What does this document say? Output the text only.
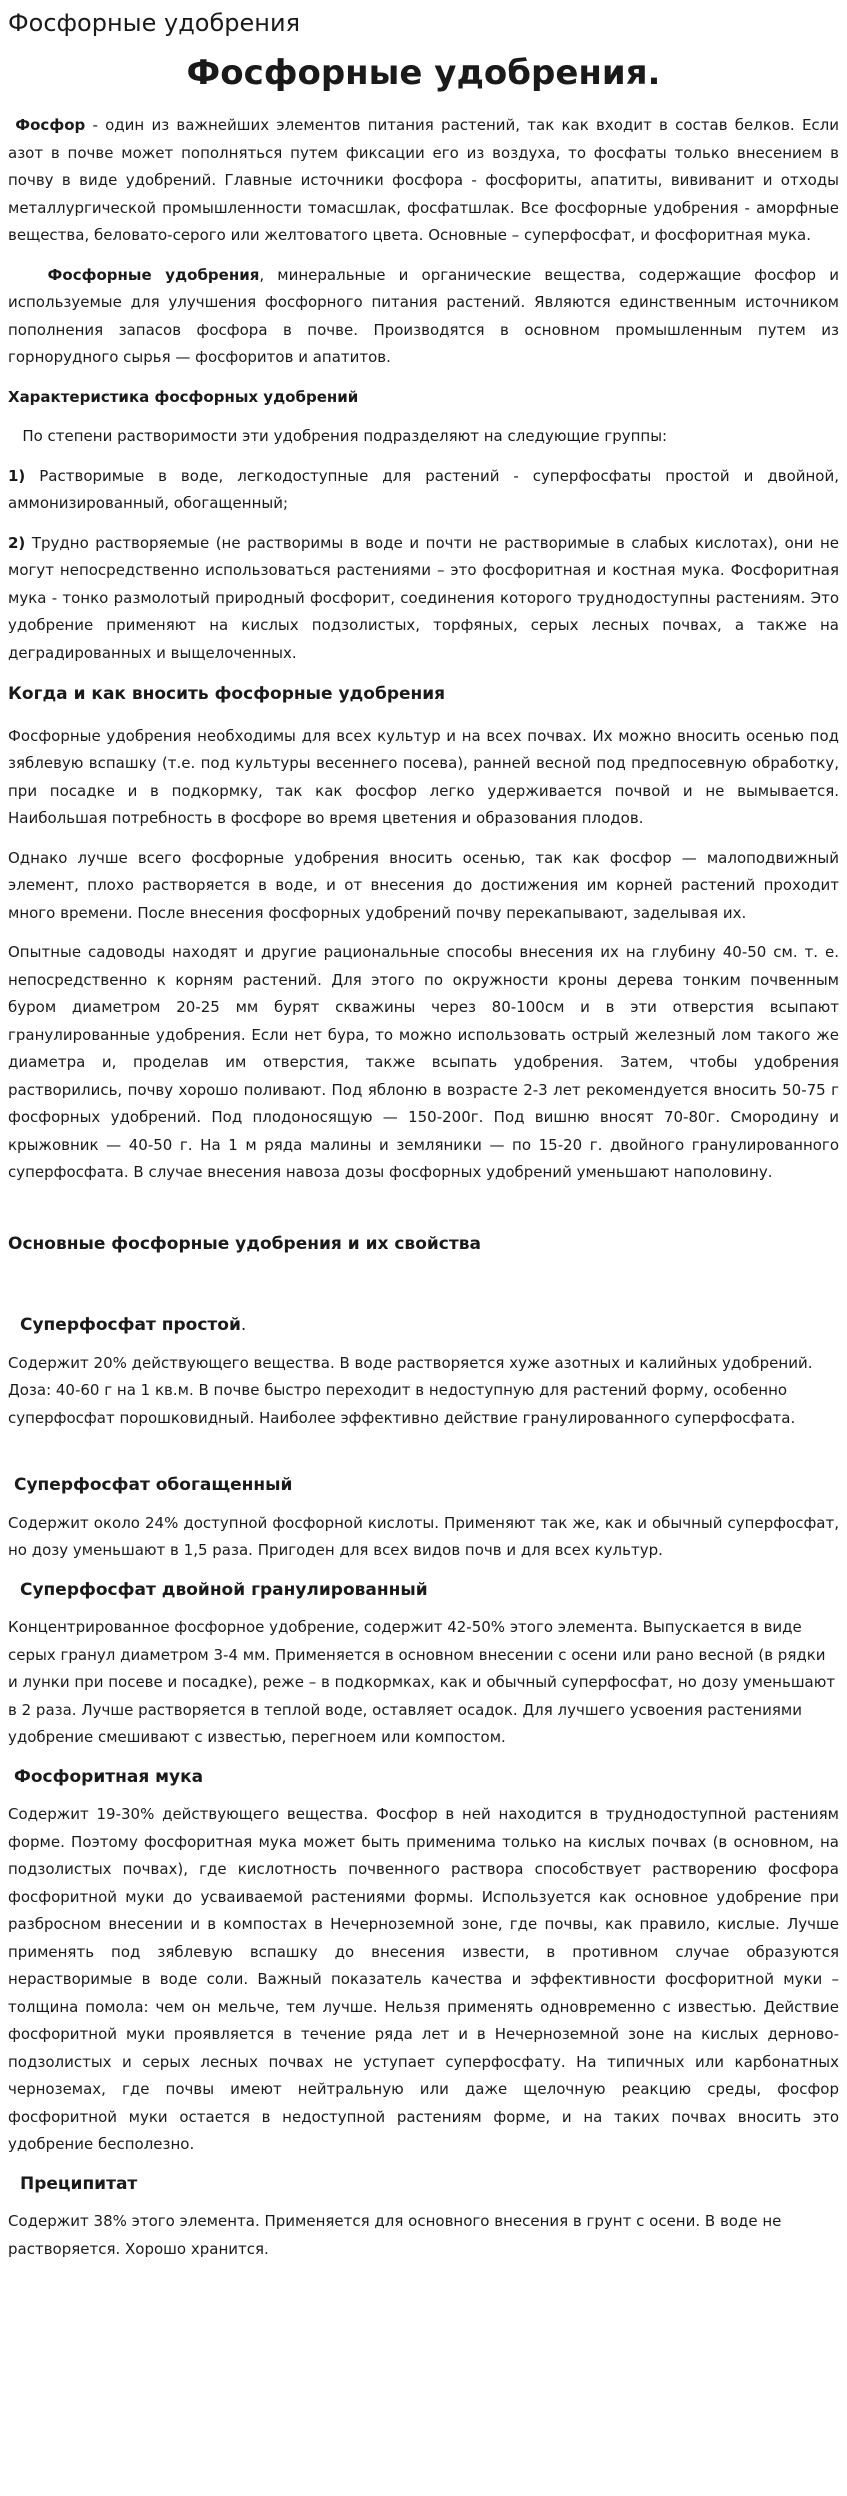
Фосфорные удобрения
Фосфорные удобрения.

Фосфор - один из важнейших элементов питания растений, так как входит в состав белков. Если азот в почве может пополняться путем фиксации его из воздуха, то фосфаты только внесением в почву в виде удобрений. Главные источники фосфора - фосфориты, апатиты, вививанит и отходы металлургической промышленности томасшлак, фосфатшлак. Все фосфорные удобрения - аморфные вещества, беловато-серого или желтоватого цвета. Основные – суперфосфат, и фосфоритная мука.

Фосфорные удобрения, минеральные и органические вещества, содержащие фосфор и используемые для улучшения фосфорного питания растений. Являются единственным источником пополнения запасов фосфора в почве. Производятся в основном промышленным путем из горнорудного сырья — фосфоритов и апатитов.

Характеристика фосфорных удобрений

По степени растворимости эти удобрения подразделяют на следующие группы:

1) Растворимые в воде, легкодоступные для растений - суперфосфаты простой и двойной, аммонизированный, обогащенный;

2) Трудно растворяемые (не растворимы в воде и почти не растворимые в слабых кислотах), они не могут непосредственно использоваться растениями – это фосфоритная и костная мука. Фосфоритная мука - тонко размолотый природный фосфорит, соединения которого труднодоступны растениям. Это удобрение применяют на кислых подзолистых, торфяных, серых лесных почвах, а также на деградированных и выщелоченных.

Когда и как вносить фосфорные удобрения

Фосфорные удобрения необходимы для всех культур и на всех почвах. Их можно вносить осенью под зяблевую вспашку (т.е. под культуры весеннего посева), ранней весной под предпосевную обработку, при посадке и в подкормку, так как фосфор легко удерживается почвой и не вымывается. Наибольшая потребность в фосфоре во время цветения и образования плодов.

Однако лучше всего фосфорные удобрения вносить осенью, так как фосфор — малоподвижный элемент, плохо растворяется в воде, и от внесения до достижения им корней растений проходит много времени. После внесения фосфорных удобрений почву перекапывают, заделывая их.

Опытные садоводы находят и другие рациональные способы внесения их на глубину 40-50 см. т. е. непосредственно к корням растений. Для этого по окружности кроны дерева тонким почвенным буром диаметром 20-25 мм бурят скважины через 80-100см и в эти отверстия всыпают гранулированные удобрения. Если нет бура, то можно использовать острый железный лом такого же диаметра и, проделав им отверстия, также всыпать удобрения. Затем, чтобы удобрения растворились, почву хорошо поливают. Под яблоню в возрасте 2-3 лет рекомендуется вносить 50-75 г фосфорных удобрений. Под плодоносящую — 150-200г. Под вишню вносят 70-80г. Смородину и крыжовник — 40-50 г. На 1 м ряда малины и земляники — по 15-20 г. двойного гранулированного суперфосфата. В случае внесения навоза дозы фосфорных удобрений уменьшают наполовину.

Основные фосфорные удобрения и их свойства
Суперфосфат простой.

Содержит 20% действующего вещества. В воде растворяется хуже азотных и калийных удобрений. Доза: 40-60 г на 1 кв.м. В почве быстро переходит в недоступную для растений форму, особенно суперфосфат порошковидный. Наиболее эффективно действие гранулированного суперфосфата.

Суперфосфат обогащенный

Содержит около 24% доступной фосфорной кислоты. Применяют так же, как и обычный суперфосфат, но дозу уменьшают в 1,5 раза. Пригоден для всех видов почв и для всех культур.

Суперфосфат двойной гранулированный

Концентрированное фосфорное удобрение, содержит 42-50% этого элемента. Выпускается в виде серых гранул диаметром 3-4 мм. Применяется в основном внесении с осени или рано весной (в рядки и лунки при посеве и посадке), реже – в подкормках, как и обычный суперфосфат, но дозу уменьшают в 2 раза. Лучше растворяется в теплой воде, оставляет осадок. Для лучшего усвоения растениями удобрение смешивают с известью, перегноем или компостом.

Фосфоритная мука

Содержит 19-30% действующего вещества. Фосфор в ней находится в труднодоступной растениям форме. Поэтому фосфоритная мука может быть применима только на кислых почвах (в основном, на подзолистых почвах), где кислотность почвенного раствора способствует растворению фосфора фосфоритной муки до усваиваемой растениями формы. Используется как основное удобрение при разбросном внесении и в компостах в Нечерноземной зоне, где почвы, как правило, кислые. Лучше применять под зяблевую вспашку до внесения извести, в противном случае образуются нерастворимые в воде соли. Важный показатель качества и эффективности фосфоритной муки – толщина помола: чем он мельче, тем лучше. Нельзя применять одновременно с известью. Действие фосфоритной муки проявляется в течение ряда лет и в Нечерноземной зоне на кислых дерново-подзолистых и серых лесных почвах не уступает суперфосфату. На типичных или карбонатных черноземах, где почвы имеют нейтральную или даже щелочную реакцию среды, фосфор фосфоритной муки остается в недоступной растениям форме, и на таких почвах вносить это удобрение бесполезно.

Преципитат

Содержит 38% этого элемента. Применяется для основного внесения в грунт с осени. В воде не растворяется. Хорошо хранится.
